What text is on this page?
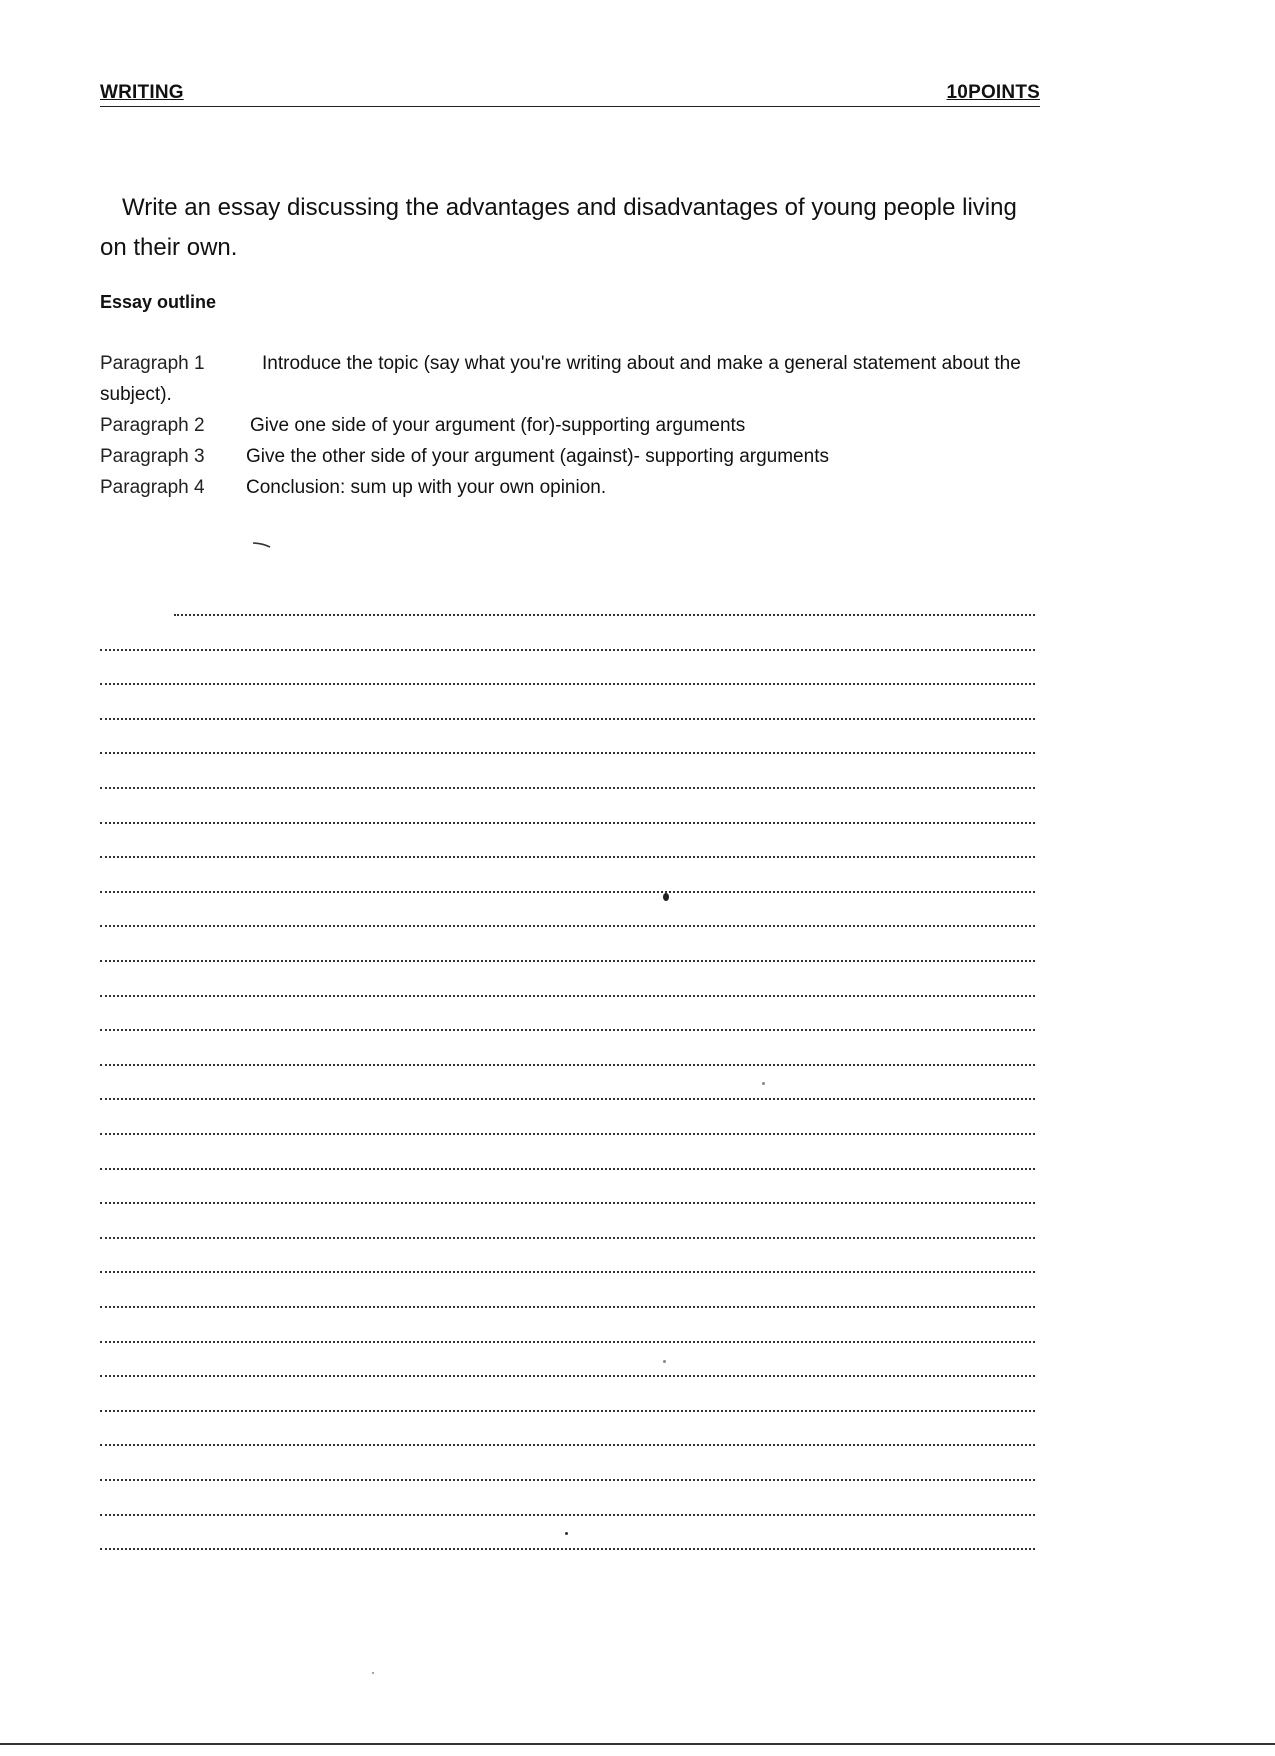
WRITING	10POINTS
Write an essay discussing the advantages and disadvantages of young people living on their own.
Essay outline
Paragraph 1	Introduce the topic (say what you're writing about and make a general statement about the subject).
Paragraph 2 Give one side of your argument (for)-supporting arguments
Paragraph 3 Give the other side of your argument (against)- supporting arguments
Paragraph 4 Conclusion: sum up with your own opinion.
